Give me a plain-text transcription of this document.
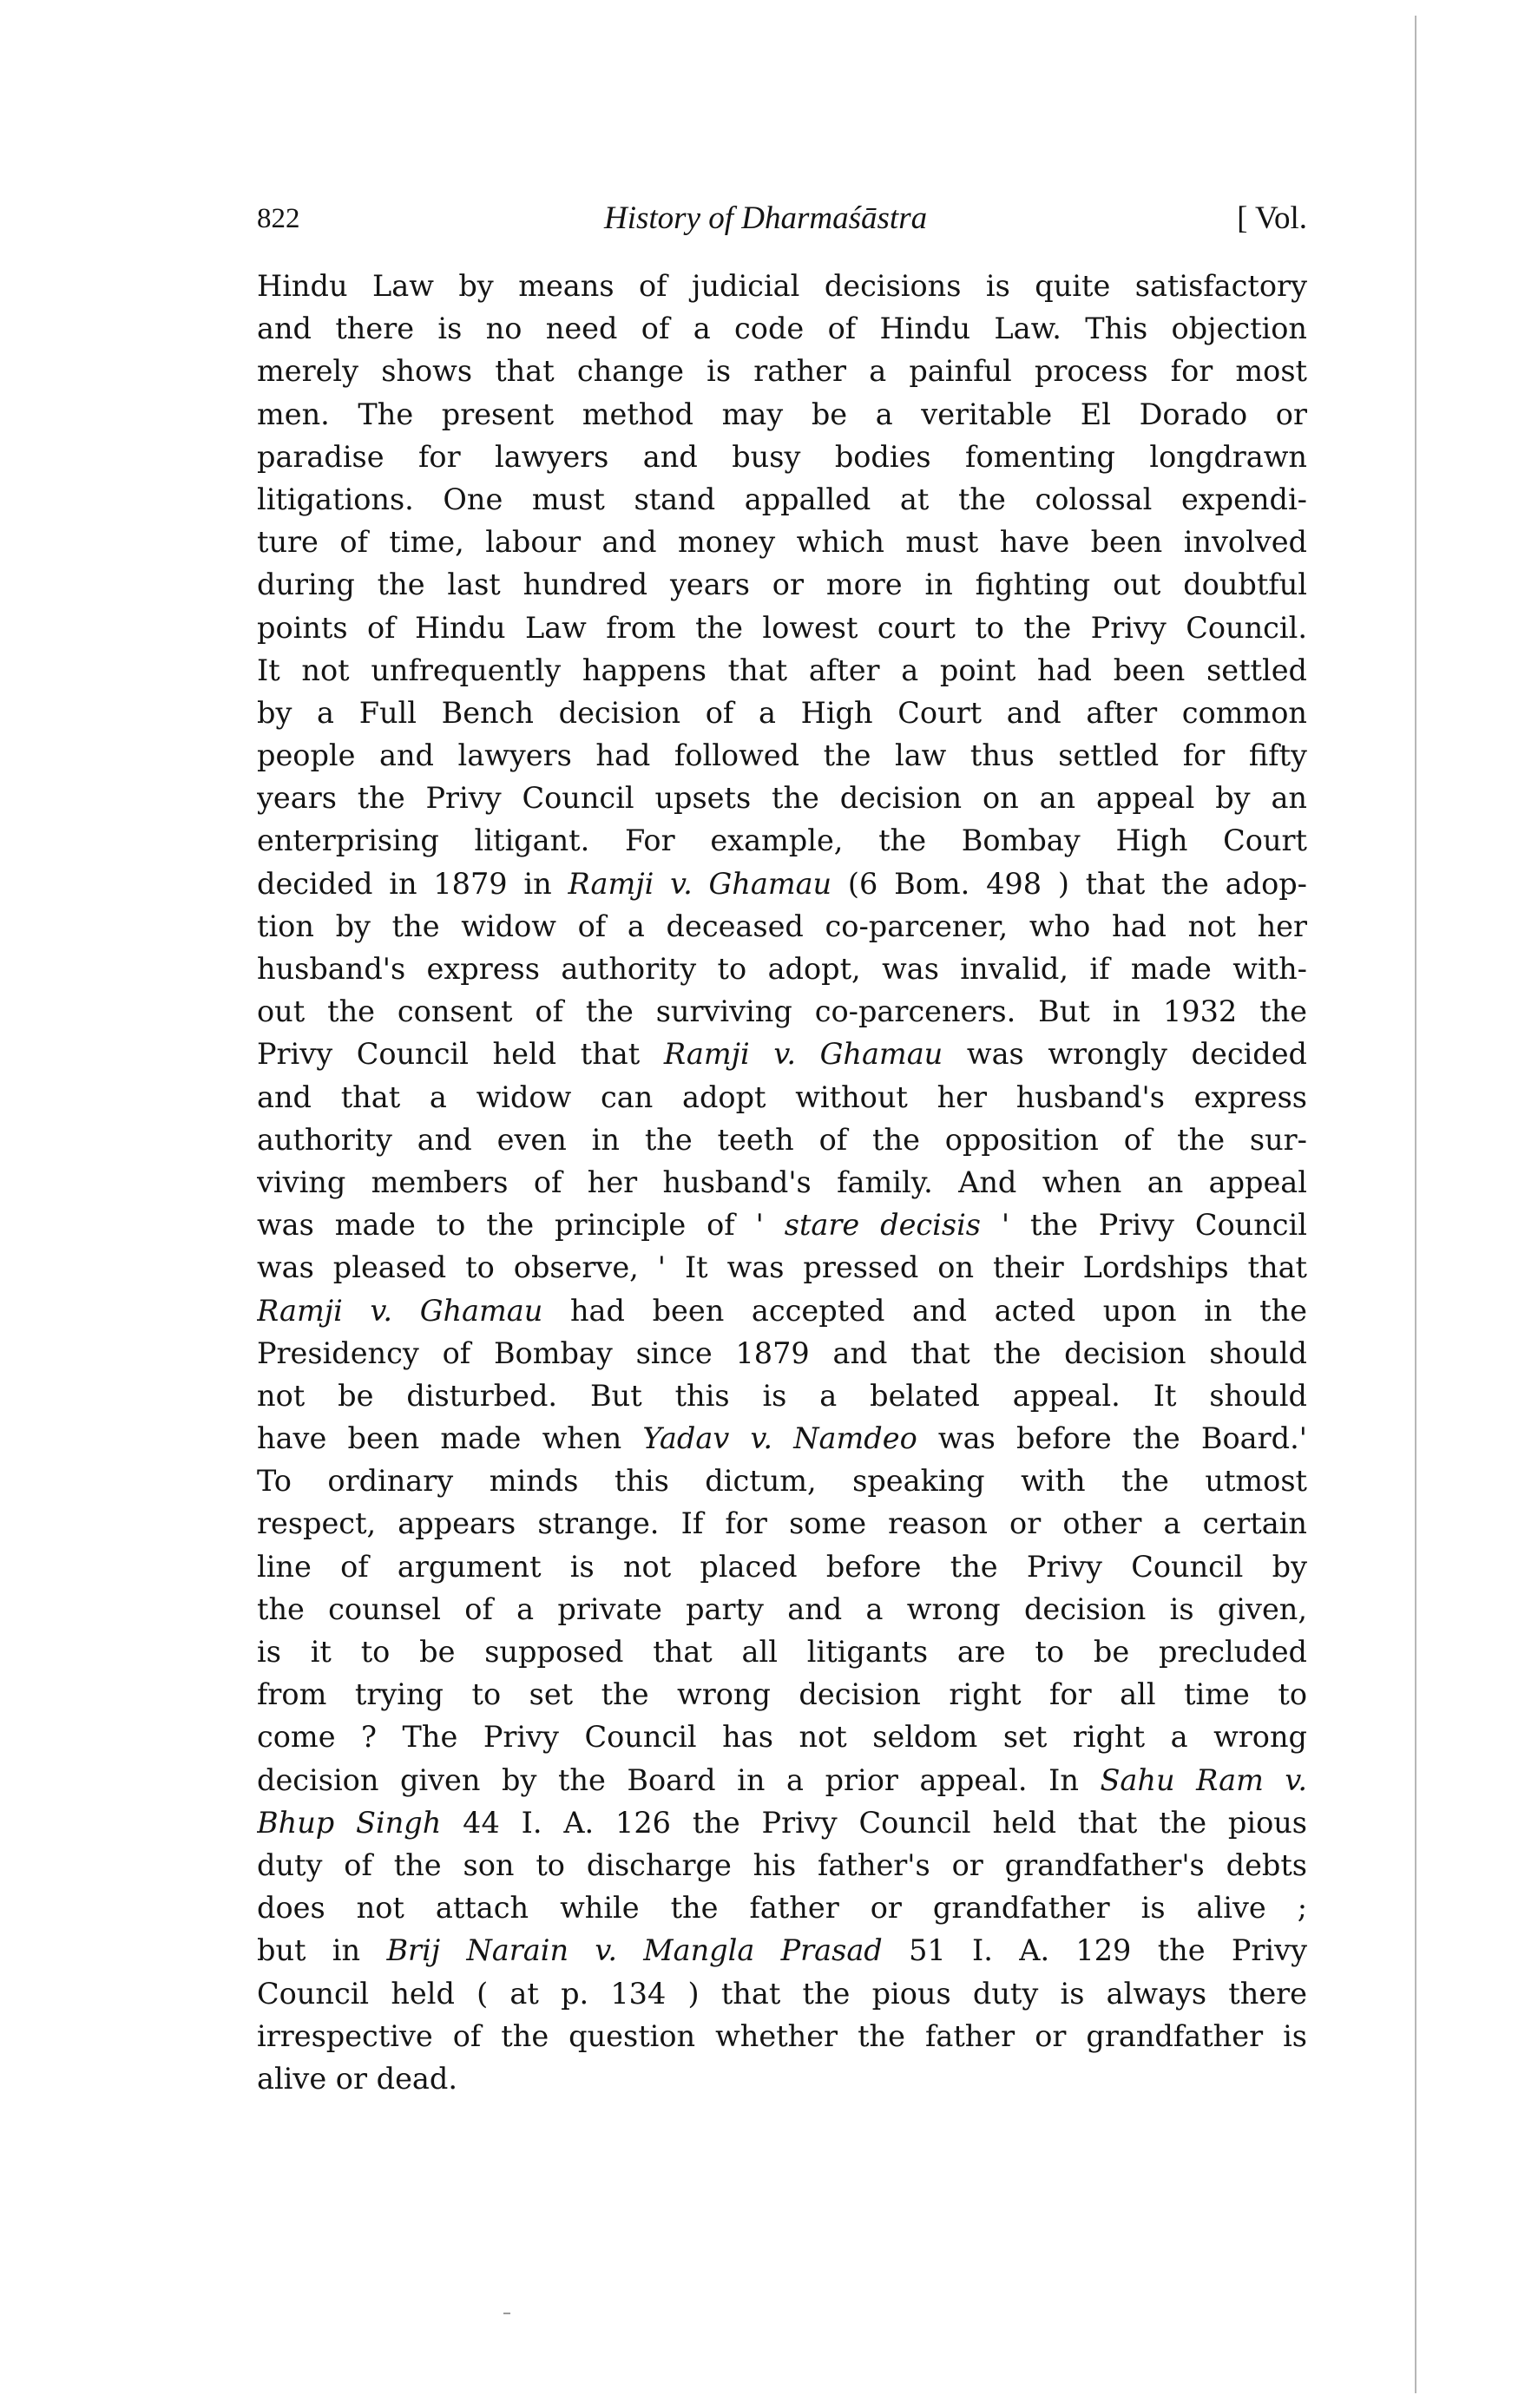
822	History of Dharmaśāstra	[ Vol.
Hindu Law by means of judicial decisions is quite satisfactory
and there is no need of a code of Hindu Law. This objection
merely shows that change is rather a painful process for most
men. The present method may be a veritable El Dorado or
paradise for lawyers and busy bodies fomenting longdrawn
litigations. One must stand appalled at the colossal expendi-
ture of time, labour and money which must have been involved
during the last hundred years or more in fighting out doubtful
points of Hindu Law from the lowest court to the Privy Council.
It not unfrequently happens that after a point had been settled
by a Full Bench decision of a High Court and after common
people and lawyers had followed the law thus settled for fifty
years the Privy Council upsets the decision on an appeal by an
enterprising litigant. For example, the Bombay High Court
decided in 1879 in Ramji v. Ghamau (6 Bom. 498 ) that the adop-
tion by the widow of a deceased co-parcener, who had not her
husband's express authority to adopt, was invalid, if made with-
out the consent of the surviving co-parceners. But in 1932 the
Privy Council held that Ramji v. Ghamau was wrongly decided
and that a widow can adopt without her husband's express
authority and even in the teeth of the opposition of the sur-
viving members of her husband's family. And when an appeal
was made to the principle of ' stare decisis ' the Privy Council
was pleased to observe, ' It was pressed on their Lordships that
Ramji v. Ghamau had been accepted and acted upon in the
Presidency of Bombay since 1879 and that the decision should
not be disturbed. But this is a belated appeal. It should
have been made when Yadav v. Namdeo was before the Board.'
To ordinary minds this dictum, speaking with the utmost
respect, appears strange. If for some reason or other a certain
line of argument is not placed before the Privy Council by
the counsel of a private party and a wrong decision is given,
is it to be supposed that all litigants are to be precluded
from trying to set the wrong decision right for all time to
come ? The Privy Council has not seldom set right a wrong
decision given by the Board in a prior appeal. In Sahu Ram v.
Bhup Singh 44 I. A. 126 the Privy Council held that the pious
duty of the son to discharge his father's or grandfather's debts
does not attach while the father or grandfather is alive ;
but in Brij Narain v. Mangla Prasad 51 I. A. 129 the Privy
Council held ( at p. 134 ) that the pious duty is always there
irrespective of the question whether the father or grandfather is
alive or dead.
